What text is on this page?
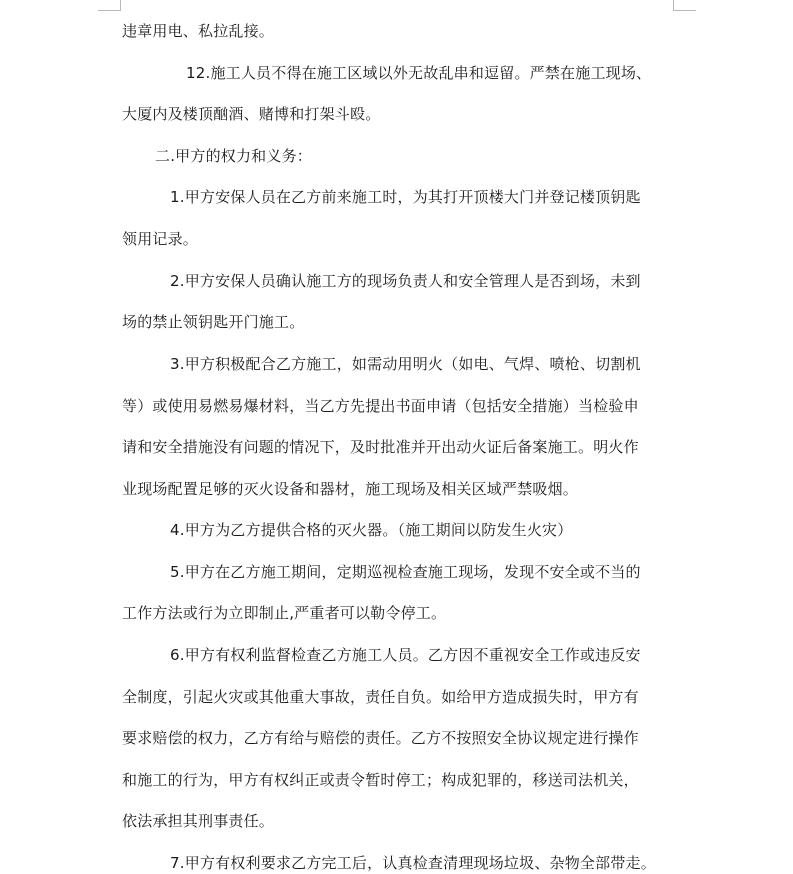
违章用电、私拉乱接。
12.施工人员不得在施工区域以外无故乱串和逗留。严禁在施工现场、
大厦内及楼顶酗酒、赌博和打架斗殴。
二.甲方的权力和义务：
1.甲方安保人员在乙方前来施工时，为其打开顶楼大门并登记楼顶钥匙
领用记录。
2.甲方安保人员确认施工方的现场负责人和安全管理人是否到场，未到
场的禁止领钥匙开门施工。
3.甲方积极配合乙方施工，如需动用明火（如电、气焊、喷枪、切割机
等）或使用易燃易爆材料，当乙方先提出书面申请（包括安全措施）当检验申
请和安全措施没有问题的情况下，及时批准并开出动火证后备案施工。明火作
业现场配置足够的灭火设备和器材，施工现场及相关区域严禁吸烟。
4.甲方为乙方提供合格的灭火器。（施工期间以防发生火灾）
5.甲方在乙方施工期间，定期巡视检查施工现场，发现不安全或不当的
工作方法或行为立即制止,严重者可以勒令停工。
6.甲方有权利监督检查乙方施工人员。乙方因不重视安全工作或违反安
全制度，引起火灾或其他重大事故，责任自负。如给甲方造成损失时，甲方有
要求赔偿的权力，乙方有给与赔偿的责任。乙方不按照安全协议规定进行操作
和施工的行为，甲方有权纠正或责令暂时停工；构成犯罪的，移送司法机关，
依法承担其刑事责任。
7.甲方有权利要求乙方完工后，认真检查清理现场垃圾、杂物全部带走。
